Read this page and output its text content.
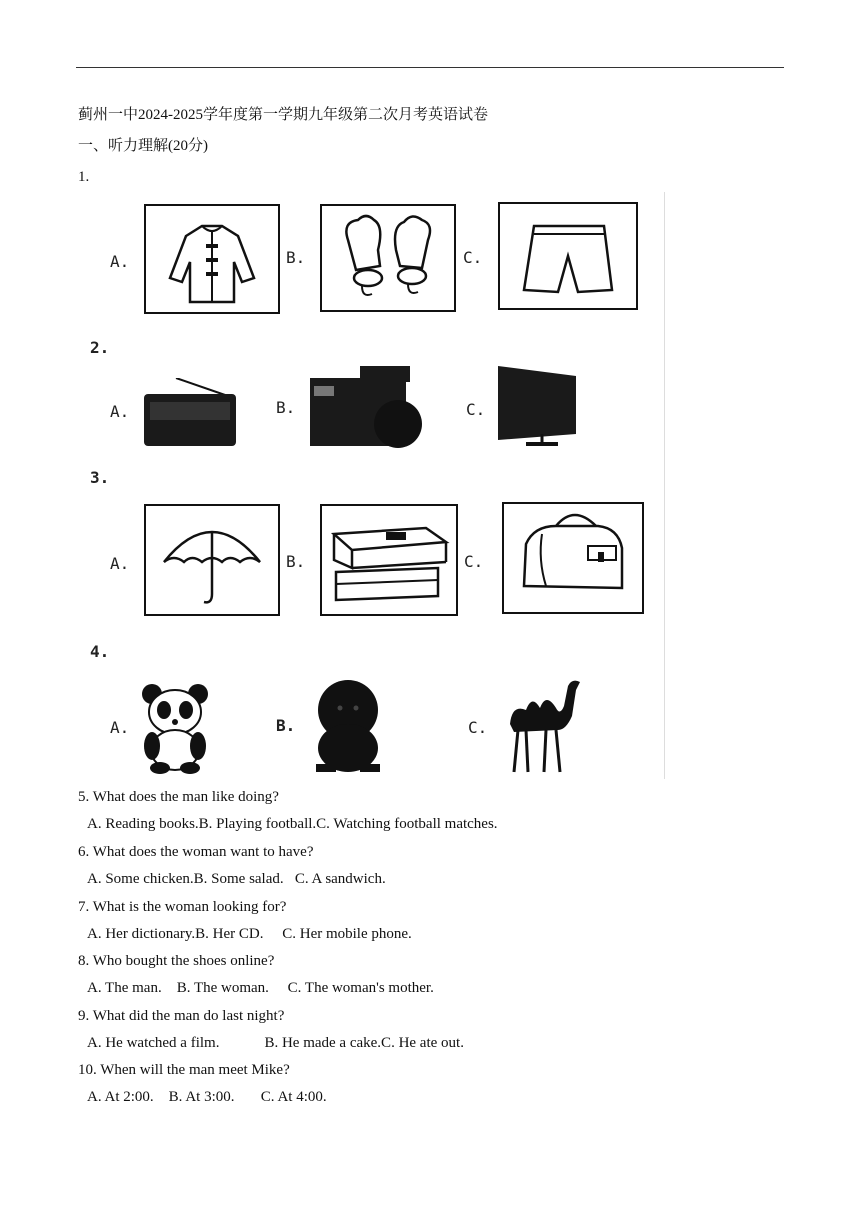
蓟州一中2024-2025学年度第一学期九年级第二次月考英语试卷
一、听力理解(20分)
1.
A.	B.	C.
2.
A.	B.	C.
3.
A.	B.	C.
4.
A.	B.	C.
5. What does the man like doing?
A. Reading books.B. Playing football.C. Watching football matches.
6. What does the woman want to have?
A. Some chicken.B. Some salad.   C. A sandwich.
7. What is the woman looking for?
A. Her dictionary.B. Her CD.     C. Her mobile phone.
8. Who bought the shoes online?
A. The man.    B. The woman.     C. The woman's mother.
9. What did the man do last night?
A. He watched a film.            B. He made a cake.C. He ate out.
10. When will the man meet Mike?
A. At 2:00.    B. At 3:00.       C. At 4:00.
